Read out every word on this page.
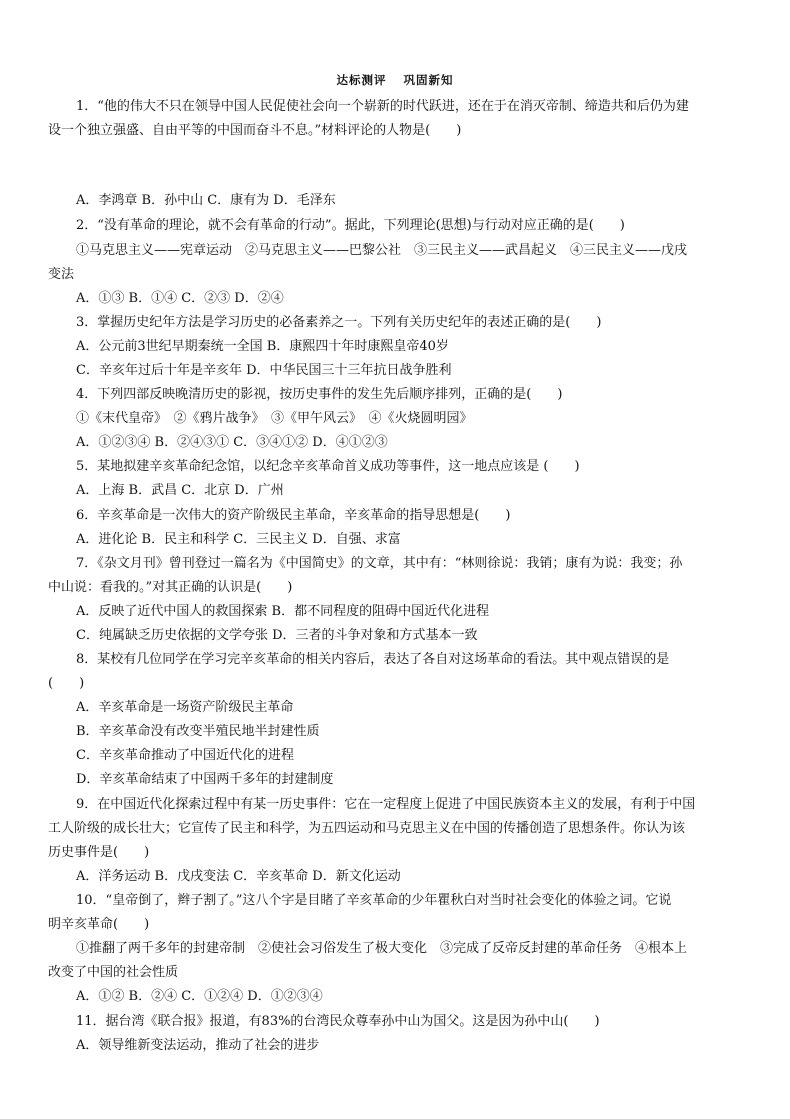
达标测评 巩固新知
1．“他的伟大不只在领导中国人民促使社会向一个崭新的时代跃进，还在于在消灭帝制、缔造共和后仍为建
设一个独立强盛、自由平等的中国而奋斗不息。”材料评论的人物是(　　)
A．李鸿章 B．孙中山 C．康有为 D．毛泽东
2．“没有革命的理论，就不会有革命的行动”。据此，下列理论(思想)与行动对应正确的是(　　)
①马克思主义——宪章运动　②马克思主义——巴黎公社　③三民主义——武昌起义　④三民主义——戊戌
变法
A．①③ B．①④ C．②③ D．②④
3．掌握历史纪年方法是学习历史的必备素养之一。下列有关历史纪年的表述正确的是(　　)
A．公元前3世纪早期秦统一全国 B．康熙四十年时康熙皇帝40岁
C．辛亥年过后十年是辛亥年 D．中华民国三十三年抗日战争胜利
4．下列四部反映晚清历史的影视，按历史事件的发生先后顺序排列，正确的是(　　)
①《末代皇帝》　②《鸦片战争》　③《甲午风云》　④《火烧圆明园》
A．①②③④ B．②④③① C．③④①② D．④①②③
5．某地拟建辛亥革命纪念馆，以纪念辛亥革命首义成功等事件，这一地点应该是 (　　)
A．上海 B．武昌 C．北京 D．广州
6．辛亥革命是一次伟大的资产阶级民主革命，辛亥革命的指导思想是(　　)
A．进化论 B．民主和科学 C．三民主义 D．自强、求富
7．《杂文月刊》曾刊登过一篇名为《中国简史》的文章，其中有：“林则徐说：我销；康有为说：我变；孙
中山说：看我的。”对其正确的认识是(　　)
A．反映了近代中国人的救国探索 B．都不同程度的阻碍中国近代化进程
C．纯属缺乏历史依据的文学夸张 D．三者的斗争对象和方式基本一致
8．某校有几位同学在学习完辛亥革命的相关内容后，表达了各自对这场革命的看法。其中观点错误的是
(　　)
A．辛亥革命是一场资产阶级民主革命
B．辛亥革命没有改变半殖民地半封建性质
C．辛亥革命推动了中国近代化的进程
D．辛亥革命结束了中国两千多年的封建制度
9．在中国近代化探索过程中有某一历史事件：它在一定程度上促进了中国民族资本主义的发展，有利于中国
工人阶级的成长壮大；它宣传了民主和科学，为五四运动和马克思主义在中国的传播创造了思想条件。你认为该
历史事件是(　　)
A．洋务运动 B．戊戌变法 C．辛亥革命 D．新文化运动
10．“皇帝倒了，辫子割了。”这八个字是目睹了辛亥革命的少年瞿秋白对当时社会变化的体验之词。它说
明辛亥革命(　　)
①推翻了两千多年的封建帝制　②使社会习俗发生了极大变化　③完成了反帝反封建的革命任务　④根本上
改变了中国的社会性质
A．①② B．②④ C．①②④ D．①②③④
11．据台湾《联合报》报道，有83%的台湾民众尊奉孙中山为国父。这是因为孙中山(　　)
A．领导维新变法运动，推动了社会的进步
